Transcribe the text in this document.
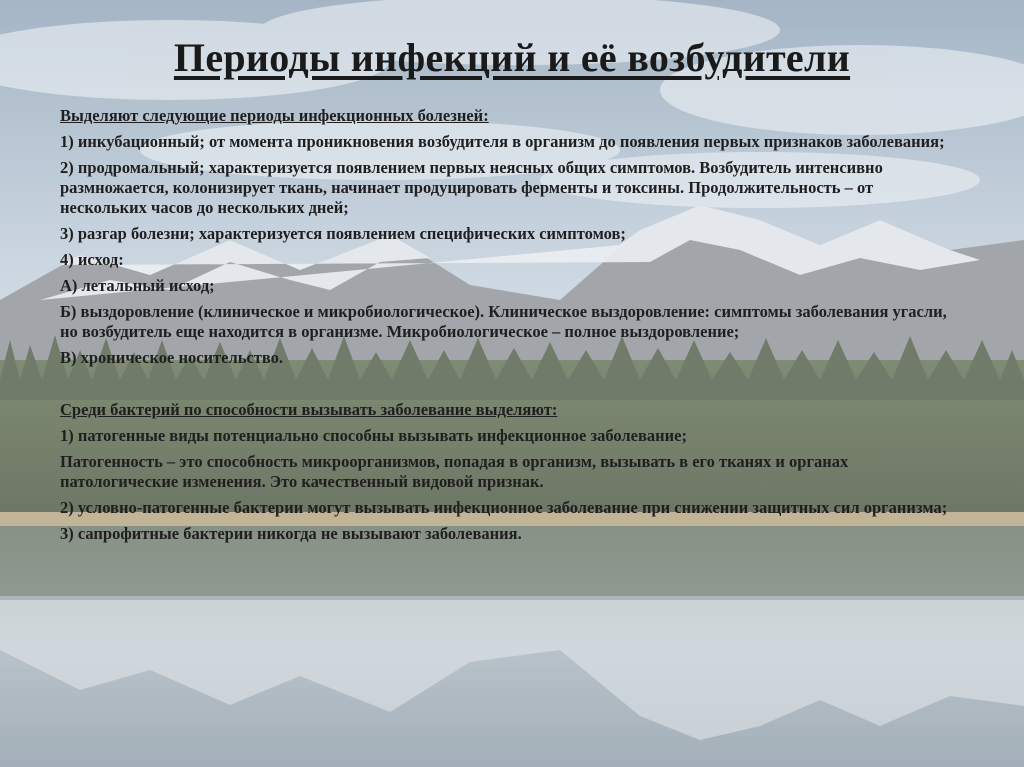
Периоды инфекций и её возбудители

Выделяют следующие периоды инфекционных болезней:

1) инкубационный; от момента проникновения возбудителя в организм до появления первых признаков заболевания;

2) продромальный; характеризуется появлением первых неясных общих симптомов. Возбудитель интенсивно размножается, колонизирует ткань, начинает продуцировать ферменты и токсины. Продолжительность – от нескольких часов до нескольких дней;

3) разгар болезни; характеризуется появлением специфических симптомов;

4) исход:

А) летальный исход;

Б) выздоровление (клиническое и микробиологическое). Клиническое выздоровление: симптомы заболевания угасли, но возбудитель еще находится в организме. Микробиологическое – полное выздоровление;

В) хроническое носительство.

Среди бактерий по способности вызывать заболевание выделяют:

1) патогенные виды потенциально способны вызывать инфекционное заболевание;

Патогенность – это способность микроорганизмов, попадая в организм, вызывать в его тканях и органах патологические изменения. Это качественный видовой признак.

2) условно-патогенные бактерии могут вызывать инфекционное заболевание при снижении защитных сил организма;

3) сапрофитные бактерии никогда не вызывают заболевания.
